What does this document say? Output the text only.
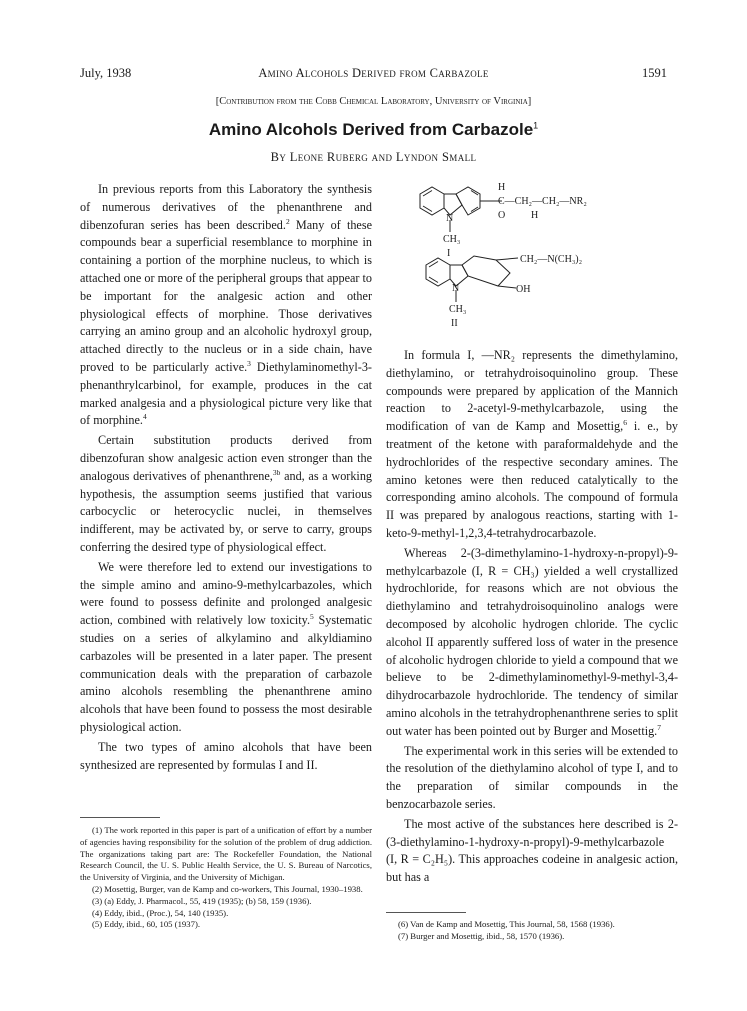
July, 1938	Amino Alcohols Derived from Carbazole	1591
[Contribution from the Cobb Chemical Laboratory, University of Virginia]
Amino Alcohols Derived from Carbazole$^1$
By Leone Ruberg and Lyndon Small
H
C—CH₂—CH₂—NR₂
O	H
N
CH₃
I
CH₂—N(CH₃)₂
OH
N
CH₃
II

In previous reports from this Laboratory the synthesis of numerous derivatives of the phenanthrene and dibenzofuran series has been described.$^2$ Many of these compounds bear a superficial resemblance to morphine in containing a portion of the morphine nucleus, to which is attached one or more of the peripheral groups that appear to be important for the analgesic action and other physiological effects of morphine. Those derivatives carrying an amino group and an alcoholic hydroxyl group, attached directly to the nucleus or in a side chain, have proved to be particularly active.$^3$ Diethylaminomethyl-3-phenanthrylcarbinol, for example, produces in the cat marked analgesia and a physiological picture very like that of morphine.$^4$

Certain substitution products derived from dibenzofuran show analgesic action even stronger than the analogous derivatives of phenanthrene,$^{3b}$ and, as a working hypothesis, the assumption seems justified that various carbocyclic or heterocyclic nuclei, in themselves indifferent, may be activated by, or serve to carry, groups conferring the desired type of physiological effect.

We were therefore led to extend our investigations to the simple amino and amino-9-methylcarbazoles, which were found to possess definite and prolonged analgesic action, combined with relatively low toxicity.$^5$ Systematic studies on a series of alkylamino and alkyldiamino carbazoles will be presented in a later paper. The present communication deals with the preparation of carbazole amino alcohols resembling the phenanthrene amino alcohols that have been found to possess the most desirable physiological action.

The two types of amino alcohols that have been synthesized are represented by formulas I and II.

(1) The work reported in this paper is part of a unification of effort by a number of agencies having responsibility for the solution of the problem of drug addiction. The organizations taking part are: The Rockefeller Foundation, the National Research Council, the U. S. Public Health Service, the U. S. Bureau of Narcotics, the University of Virginia, and the University of Michigan.

(2) Mosettig, Burger, van de Kamp and co-workers, This Journal, 1930–1938.

(3) (a) Eddy, J. Pharmacol., 55, 419 (1935); (b) 58, 159 (1936).

(4) Eddy, ibid., (Proc.), 54, 140 (1935).

(5) Eddy, ibid., 60, 105 (1937).

In formula I, —NR₂ represents the dimethylamino, diethylamino, or tetrahydroisoquinolino group. These compounds were prepared by application of the Mannich reaction to 2-acetyl-9-methylcarbazole, using the modification of van de Kamp and Mosettig,$^6$ i. e., by treatment of the ketone with paraformaldehyde and the hydrochlorides of the respective secondary amines. The amino ketones were then reduced catalytically to the corresponding amino alcohols. The compound of formula II was prepared by analogous reactions, starting with 1-keto-9-methyl-1,2,3,4-tetrahydrocarbazole.

Whereas 2-(3-dimethylamino-1-hydroxy-n-propyl)-9-methylcarbazole (I, R = CH₃) yielded a well crystallized hydrochloride, for reasons which are not obvious the diethylamino and tetrahydroisoquinolino analogs were decomposed by alcoholic hydrogen chloride. The cyclic alcohol II apparently suffered loss of water in the presence of alcoholic hydrogen chloride to yield a compound that we believe to be 2-dimethylaminomethyl-9-methyl-3,4-dihydrocarbazole hydrochloride. The tendency of similar amino alcohols in the tetrahydrophenanthrene series to split out water has been pointed out by Burger and Mosettig.$^7$

The experimental work in this series will be extended to the resolution of the diethylamino alcohol of type I, and to the preparation of similar compounds in the benzocarbazole series.

The most active of the substances here described is 2-(3-diethylamino-1-hydroxy-n-propyl)-9-methylcarbazole (I, R = C₂H₅). This approaches codeine in analgesic action, but has a

(6) Van de Kamp and Mosettig, This Journal, 58, 1568 (1936).

(7) Burger and Mosettig, ibid., 58, 1570 (1936).
